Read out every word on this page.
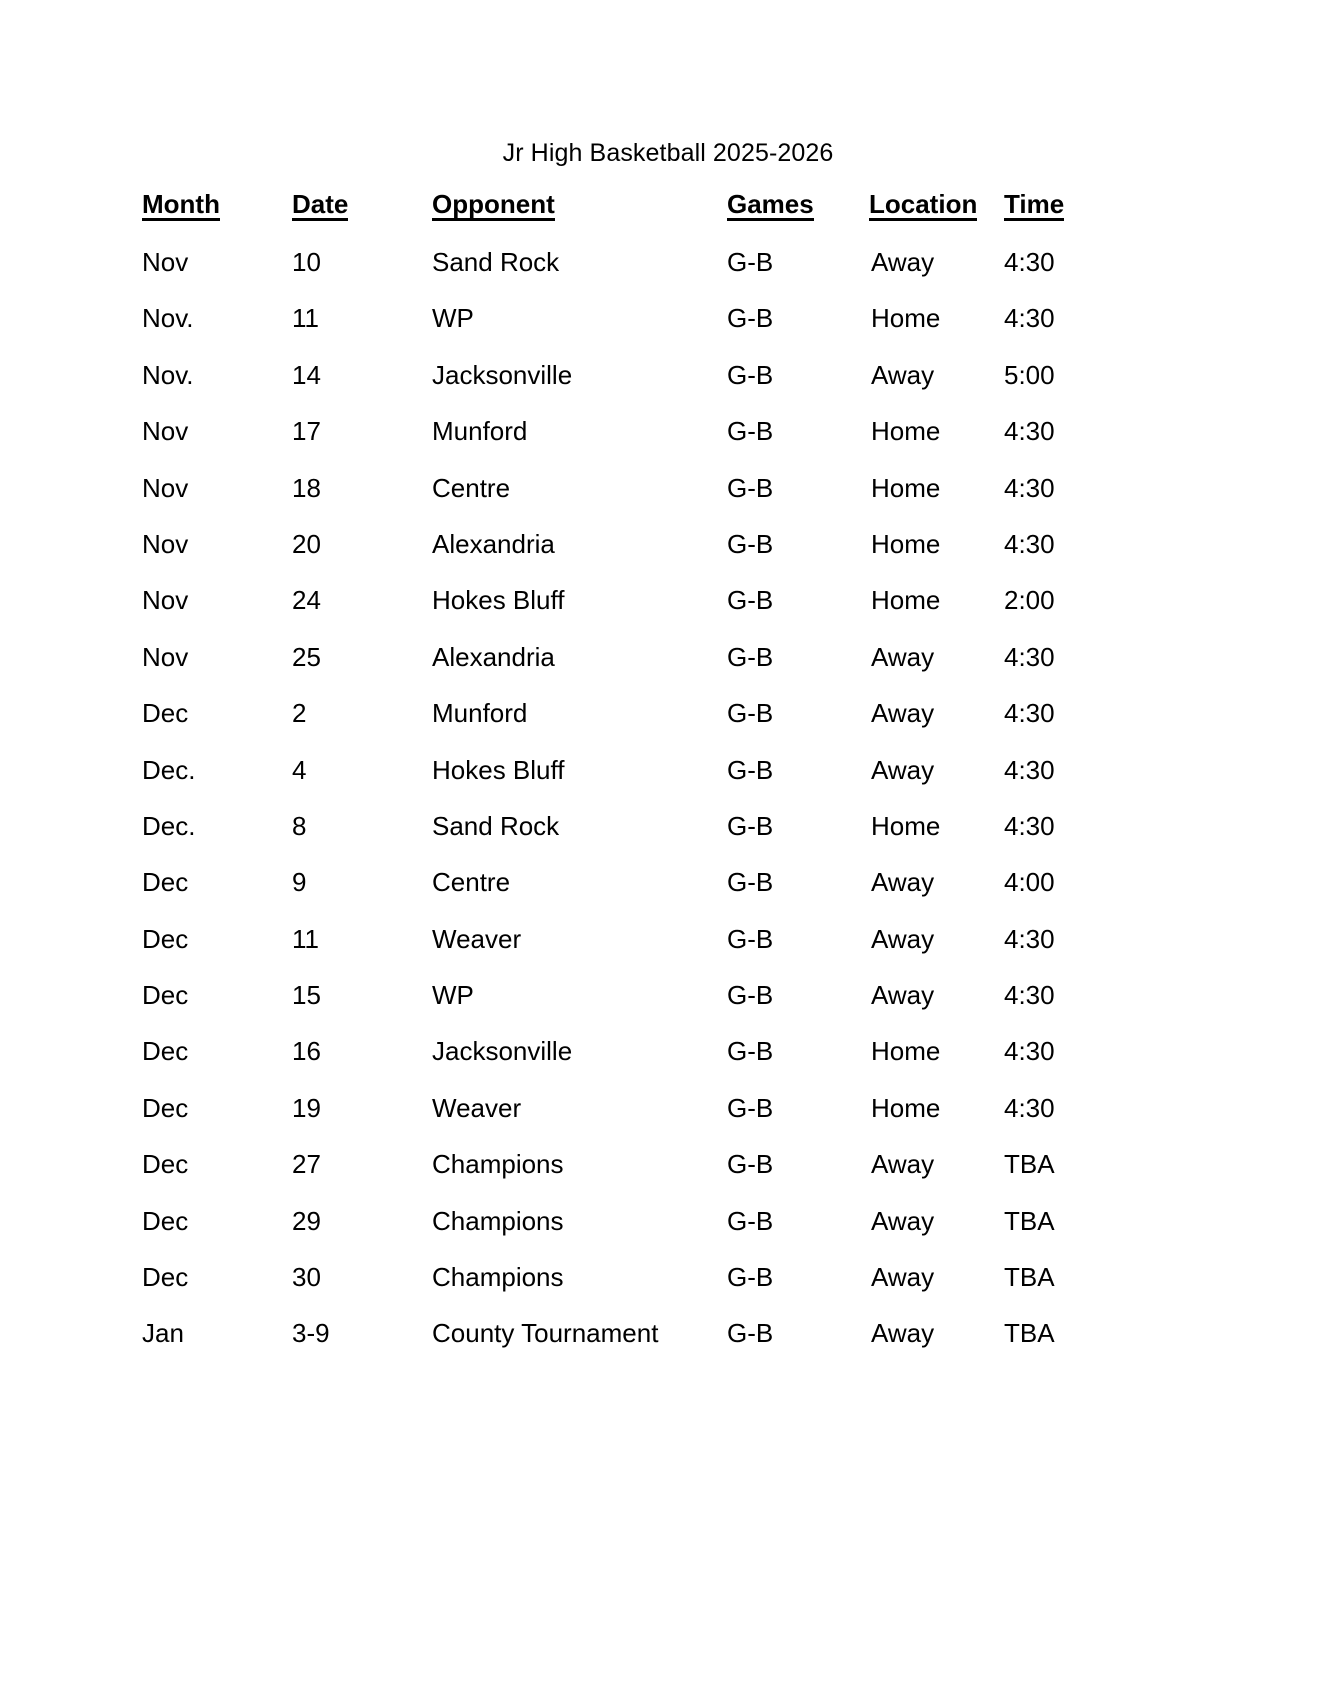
Jr High Basketball 2025-2026
Month	Date	Opponent	Games	Location	Time
Nov	10	Sand Rock	G-B	Away	4:30
Nov.	11	WP	G-B	Home	4:30
Nov.	14	Jacksonville	G-B	Away	5:00
Nov	17	Munford	G-B	Home	4:30
Nov	18	Centre	G-B	Home	4:30
Nov	20	Alexandria	G-B	Home	4:30
Nov	24	Hokes Bluff	G-B	Home	2:00
Nov	25	Alexandria	G-B	Away	4:30
Dec	2	Munford	G-B	Away	4:30
Dec.	4	Hokes Bluff	G-B	Away	4:30
Dec.	8	Sand Rock	G-B	Home	4:30
Dec	9	Centre	G-B	Away	4:00
Dec	11	Weaver	G-B	Away	4:30
Dec	15	WP	G-B	Away	4:30
Dec	16	Jacksonville	G-B	Home	4:30
Dec	19	Weaver	G-B	Home	4:30
Dec	27	Champions	G-B	Away	TBA
Dec	29	Champions	G-B	Away	TBA
Dec	30	Champions	G-B	Away	TBA
Jan	3-9	County Tournament	G-B	Away	TBA
